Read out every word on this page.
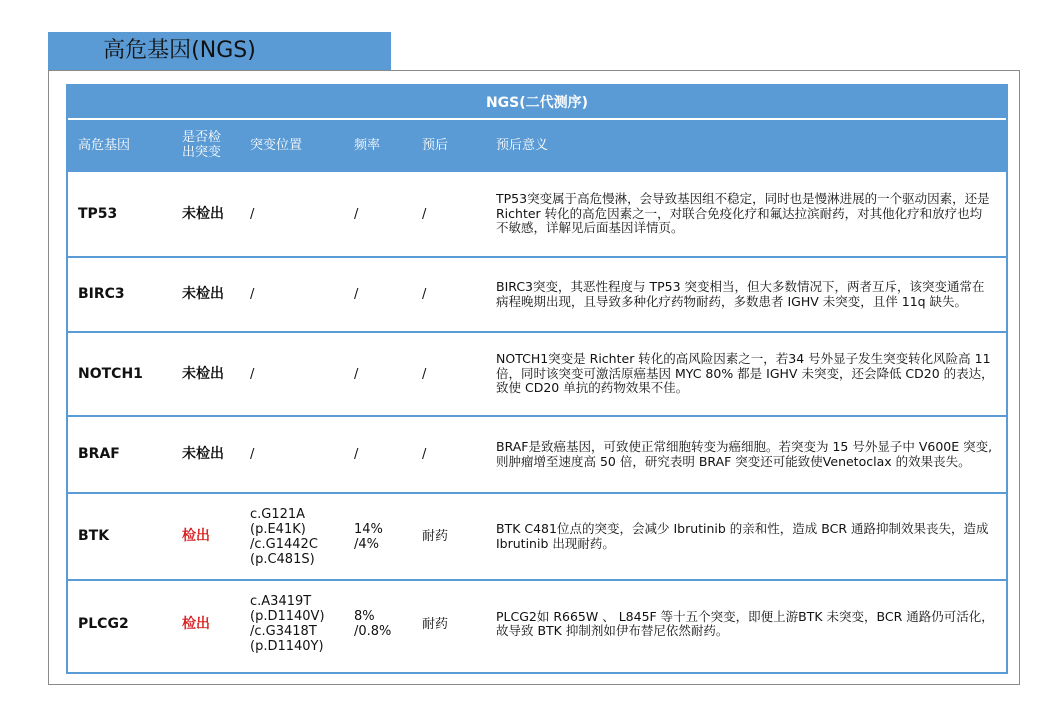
高危基因(NGS)
NGS(二代测序)					
高危基因	是否检出突变	突变位置	频率	预后	预后意义
TP53	未检出	/	/	/	TP53突变属于高危慢淋，会导致基因组不稳定，同时也是慢淋进展的一个驱动因素，还是Richter 转化的高危因素之一，对联合免疫化疗和氟达拉滨耐药，对其他化疗和放疗也均不敏感，详解见后面基因详情页。
BIRC3	未检出	/	/	/	BIRC3突变，其恶性程度与 TP53 突变相当，但大多数情况下，两者互斥，该突变通常在病程晚期出现，且导致多种化疗药物耐药，多数患者 IGHV 未突变，且伴 11q 缺失。
NOTCH1	未检出	/	/	/	NOTCH1突变是 Richter 转化的高风险因素之一，若34 号外显子发生突变转化风险高 11倍，同时该突变可激活原癌基因 MYC 80% 都是 IGHV 未突变，还会降低 CD20 的表达，致使 CD20 单抗的药物效果不佳。
BRAF	未检出	/	/	/	BRAF是致癌基因，可致使正常细胞转变为癌细胞。若突变为 15 号外显子中 V600E 突变,则肿瘤增至速度高 50 倍，研究表明 BRAF 突变还可能致使Venetoclax 的效果丧失。
BTK	检出	c.G121A (p.E41K) /c.G1442C (p.C481S)	14% /4%	耐药	BTK C481位点的突变，会减少 Ibrutinib 的亲和性，造成 BCR 通路抑制效果丧失，造成Ibrutinib 出现耐药。
PLCG2	检出	c.A3419T (p.D1140V) /c.G3418T (p.D1140Y)	8% /0.8%	耐药	PLCG2如 R665W 、 L845F 等十五个突变，即便上游BTK 未突变，BCR 通路仍可活化，故导致 BTK 抑制剂如伊布替尼依然耐药。
